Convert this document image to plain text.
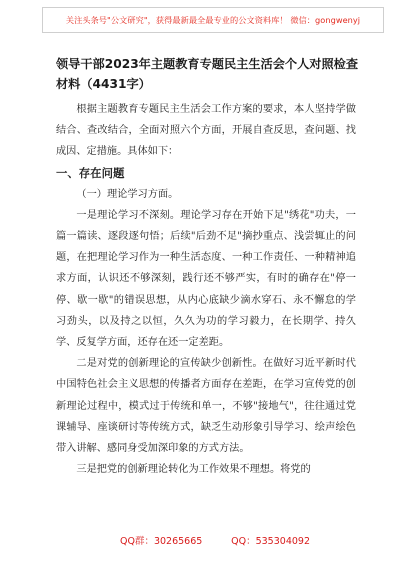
关注头条号"公文研究"，获得最新最全最专业的公文资料库！ 微信：gongwenyj
领导干部2023年主题教育专题民主生活会个人对照检查材料（4431字）

根据主题教育专题民主生活会工作方案的要求，本人坚持学做结合、查改结合，全面对照六个方面，开展自查反思，查问题、找成因、定措施。具体如下：

一、存在问题

（一）理论学习方面。

一是理论学习不深刻。理论学习存在开始下足"绣花"功夫，一篇一篇读、逐段逐句悟；后续"后劲不足"摘抄重点、浅尝辄止的问题，在把理论学习作为一种生活态度、一种工作责任、一种精神追求方面，认识还不够深刻，践行还不够严实，有时的确存在"停一停、歇一歇"的错误思想，从内心底缺少滴水穿石、永不懈怠的学习劲头，以及持之以恒，久久为功的学习毅力，在长期学、持久学、反复学方面，还存在还一定差距。

二是对党的创新理论的宣传缺少创新性。在做好习近平新时代中国特色社会主义思想的传播者方面存在差距，在学习宣传党的创新理论过程中，模式过于传统和单一，不够"接地气"，往往通过党课辅导、座谈研讨等传统方式，缺乏生动形象引导学习、绘声绘色带入讲解、感同身受加深印象的方式方法。

三是把党的创新理论转化为工作效果不理想。将党的

QQ群：30265665	QQ：535304092
